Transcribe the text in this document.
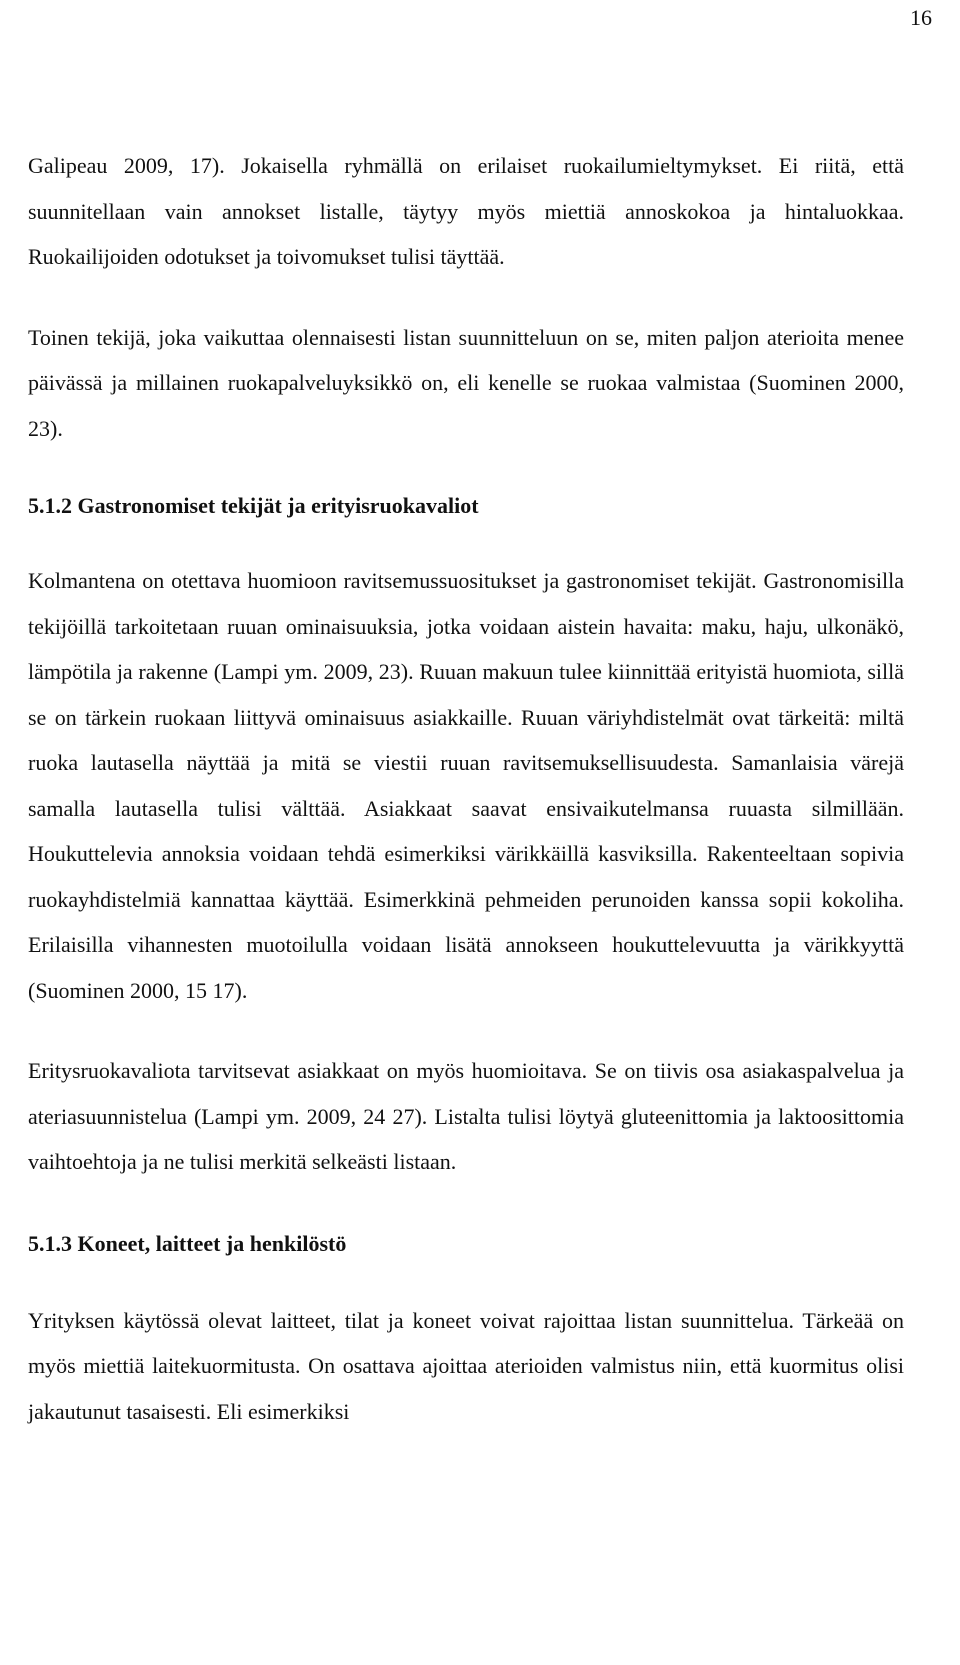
16

Galipeau 2009, 17). Jokaisella ryhmällä on erilaiset ruokailumieltymykset. Ei riitä, että suunnitellaan vain annokset listalle, täytyy myös miettiä annoskokoa ja hintaluokkaa. Ruokailijoiden odotukset ja toivomukset tulisi täyttää.

Toinen tekijä, joka vaikuttaa olennaisesti listan suunnitteluun on se, miten paljon aterioita menee päivässä ja millainen ruokapalveluyksikkö on, eli kenelle se ruokaa valmistaa (Suominen 2000, 23).

5.1.2 Gastronomiset tekijät ja erityisruokavaliot

Kolmantena on otettava huomioon ravitsemussuositukset ja gastronomiset tekijät. Gastronomisilla tekijöillä tarkoitetaan ruuan ominaisuuksia, jotka voidaan aistein havaita: maku, haju, ulkonäkö, lämpötila ja rakenne (Lampi ym. 2009, 23). Ruuan makuun tulee kiinnittää erityistä huomiota, sillä se on tärkein ruokaan liittyvä ominaisuus asiakkaille. Ruuan väriyhdistelmät ovat tärkeitä: miltä ruoka lautasella näyttää ja mitä se viestii ruuan ravitsemuksellisuudesta. Samanlaisia värejä samalla lautasella tulisi välttää. Asiakkaat saavat ensivaikutelmansa ruuasta silmillään. Houkuttelevia annoksia voidaan tehdä esimerkiksi värikkäillä kasviksilla. Rakenteeltaan sopivia ruokayhdistelmiä kannattaa käyttää. Esimerkkinä pehmeiden perunoiden kanssa sopii kokoliha. Erilaisilla vihannesten muotoilulla voidaan lisätä annokseen houkuttelevuutta ja värikkyyttä (Suominen 2000, 15 17).

Eritysruokavaliota tarvitsevat asiakkaat on myös huomioitava. Se on tiivis osa asiakaspalvelua ja ateriasuunnistelua (Lampi ym. 2009, 24 27). Listalta tulisi löytyä gluteenittomia ja laktoosittomia vaihtoehtoja ja ne tulisi merkitä selkeästi listaan.

5.1.3 Koneet, laitteet ja henkilöstö

Yrityksen käytössä olevat laitteet, tilat ja koneet voivat rajoittaa listan suunnittelua. Tärkeää on myös miettiä laitekuormitusta. On osattava ajoittaa aterioiden valmistus niin, että kuormitus olisi jakautunut tasaisesti. Eli esimerkiksi
